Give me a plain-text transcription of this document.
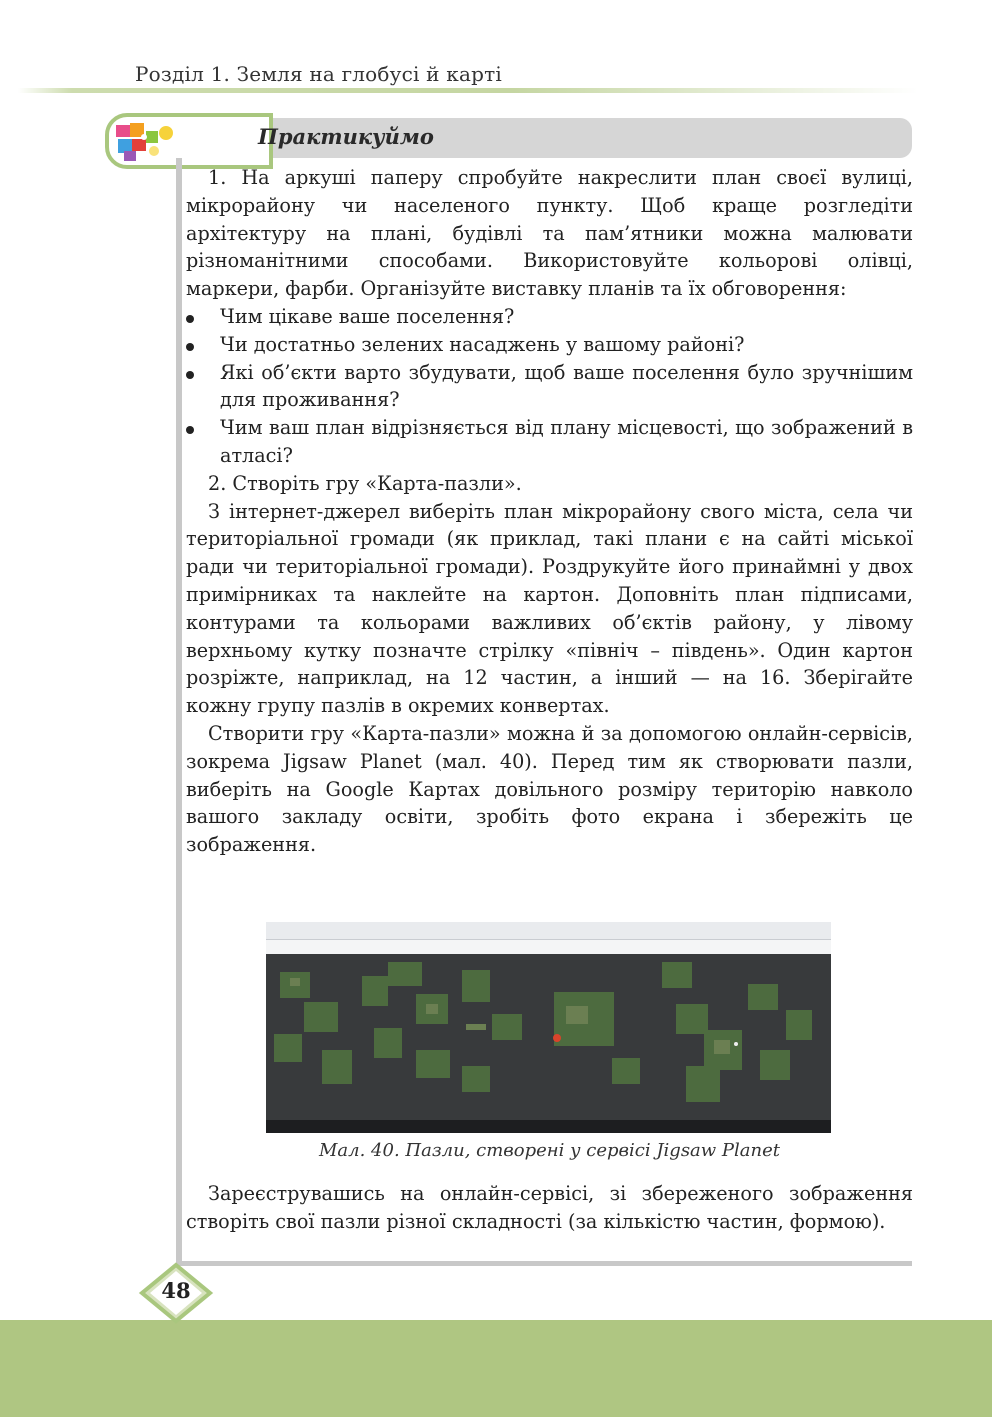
Розділ 1. Земля на глобусі й карті
Практикуймо

1. На аркуші паперу спробуйте накреслити план своєї вулиці, мікрорайону чи населеного пункту. Щоб краще розгледіти архітектуру на плані, будівлі та пам’ятники можна малювати різноманітними способами. Використовуйте кольорові олівці, маркери, фарби. Організуйте виставку планів та їх обговорення:

Чим цікаве ваше поселення?
Чи достатньо зелених насаджень у вашому районі?
Які об’єкти варто збудувати, щоб ваше поселення було зручнішим для проживання?
Чим ваш план відрізняється від плану місцевості, що зображений в атласі?

2. Створіть гру «Карта-пазли».

З інтернет-джерел виберіть план мікрорайону свого міста, села чи територіальної громади (як приклад, такі плани є на сайті міської ради чи територіальної громади). Роздрукуйте його принаймні у двох примірниках та наклейте на картон. Доповніть план підписами, контурами та кольорами важливих об’єктів району, у лівому верхньому кутку позначте стрілку «північ – південь». Один картон розріжте, наприклад, на 12 частин, а інший — на 16. Зберігайте кожну групу пазлів в окремих конвертах.

Створити гру «Карта-пазли» можна й за допомогою онлайн-сервісів, зокрема Jigsaw Planet (мал. 40). Перед тим як створювати пазли, виберіть на Google Картах довільного розміру територію навколо вашого закладу освіти, зробіть фото екрана і збережіть це зображення.

Мал. 40. Пазли, створені у сервісі Jigsaw Planet

Зареєструвашись на онлайн-сервісі, зі збереженого зображення створіть свої пазли різної складності (за кількістю частин, формою).

48
